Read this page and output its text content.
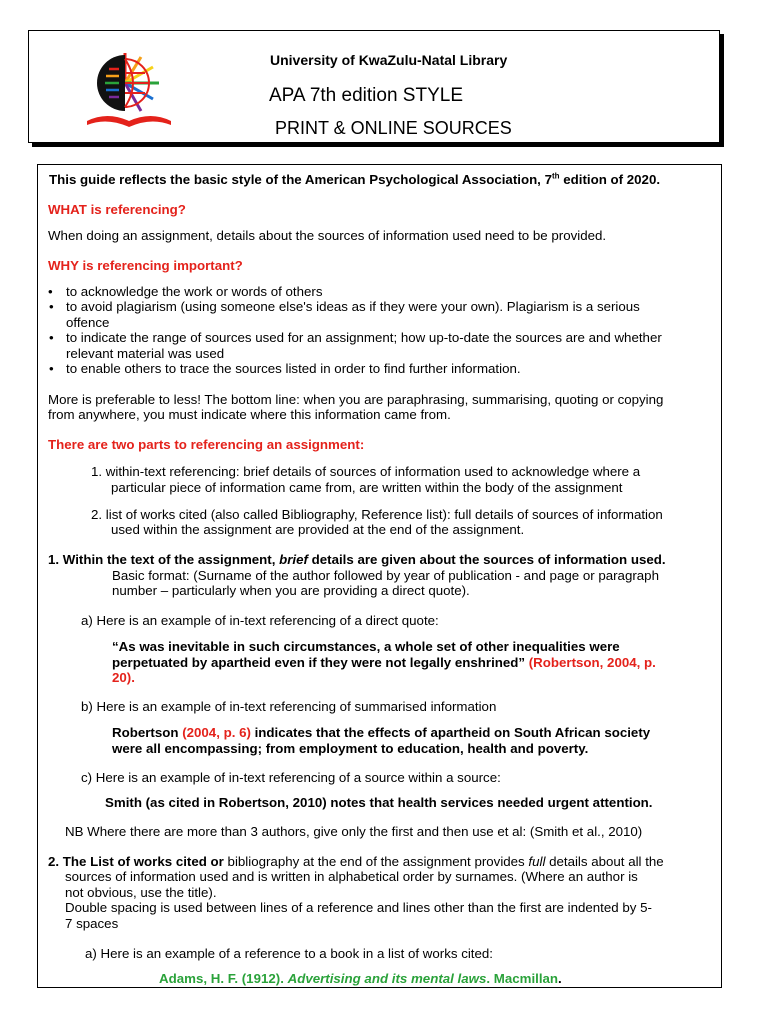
University of KwaZulu-Natal Library
APA 7th edition STYLE
PRINT & ONLINE SOURCES
This guide reflects the basic style of the American Psychological Association, 7th edition of 2020.
WHAT is referencing?
When doing an assignment, details about the sources of information used need to be provided.
WHY is referencing important?
• to acknowledge the work or words of others
• to avoid plagiarism (using someone else's ideas as if they were your own). Plagiarism is a serious
offence
• to indicate the range of sources used for an assignment; how up-to-date the sources are and whether
relevant material was used
• to enable others to trace the sources listed in order to find further information.
More is preferable to less! The bottom line: when you are paraphrasing, summarising, quoting or copying
from anywhere, you must indicate where this information came from.
There are two parts to referencing an assignment:
1. within-text referencing: brief details of sources of information used to acknowledge where a
particular piece of information came from, are written within the body of the assignment
2. list of works cited (also called Bibliography, Reference list): full details of sources of information
used within the assignment are provided at the end of the assignment.
1. Within the text of the assignment, brief details are given about the sources of information used.
Basic format: (Surname of the author followed by year of publication - and page or paragraph
number – particularly when you are providing a direct quote).
a) Here is an example of in-text referencing of a direct quote:
“As was inevitable in such circumstances, a whole set of other inequalities were
perpetuated by apartheid even if they were not legally enshrined” (Robertson, 2004, p.
20).
b) Here is an example of in-text referencing of summarised information
Robertson (2004, p. 6) indicates that the effects of apartheid on South African society
were all encompassing; from employment to education, health and poverty.
c) Here is an example of in-text referencing of a source within a source:
Smith (as cited in Robertson, 2010) notes that health services needed urgent attention.
NB Where there are more than 3 authors, give only the first and then use et al: (Smith et al., 2010)
2. The List of works cited or bibliography at the end of the assignment provides full details about all the
sources of information used and is written in alphabetical order by surnames. (Where an author is
not obvious, use the title).
Double spacing is used between lines of a reference and lines other than the first are indented by 5-
7 spaces
a) Here is an example of a reference to a book in a list of works cited:
Adams, H. F. (1912). Advertising and its mental laws. Macmillan.
